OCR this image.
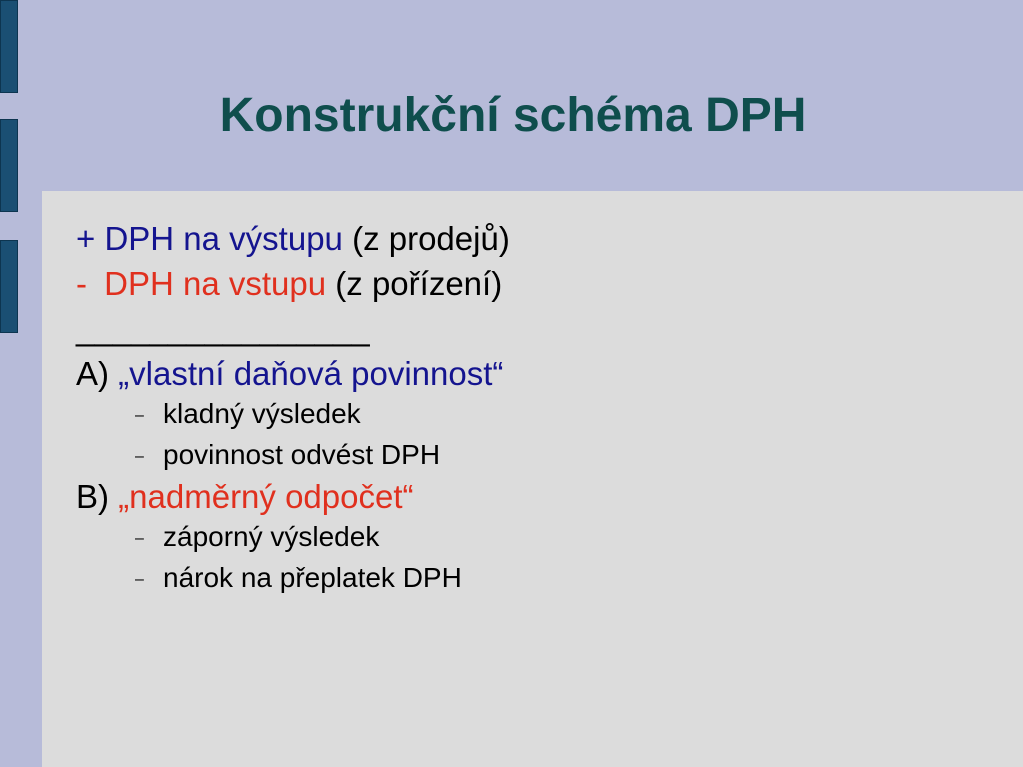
Konstrukční schéma DPH
+ DPH na výstupu (z prodejů)
- DPH na vstupu (z pořízení)
________________
A) „vlastní daňová povinnost“
– kladný výsledek
– povinnost odvést DPH
B) „nadměrný odpočet“
– záporný výsledek
– nárok na přeplatek DPH
